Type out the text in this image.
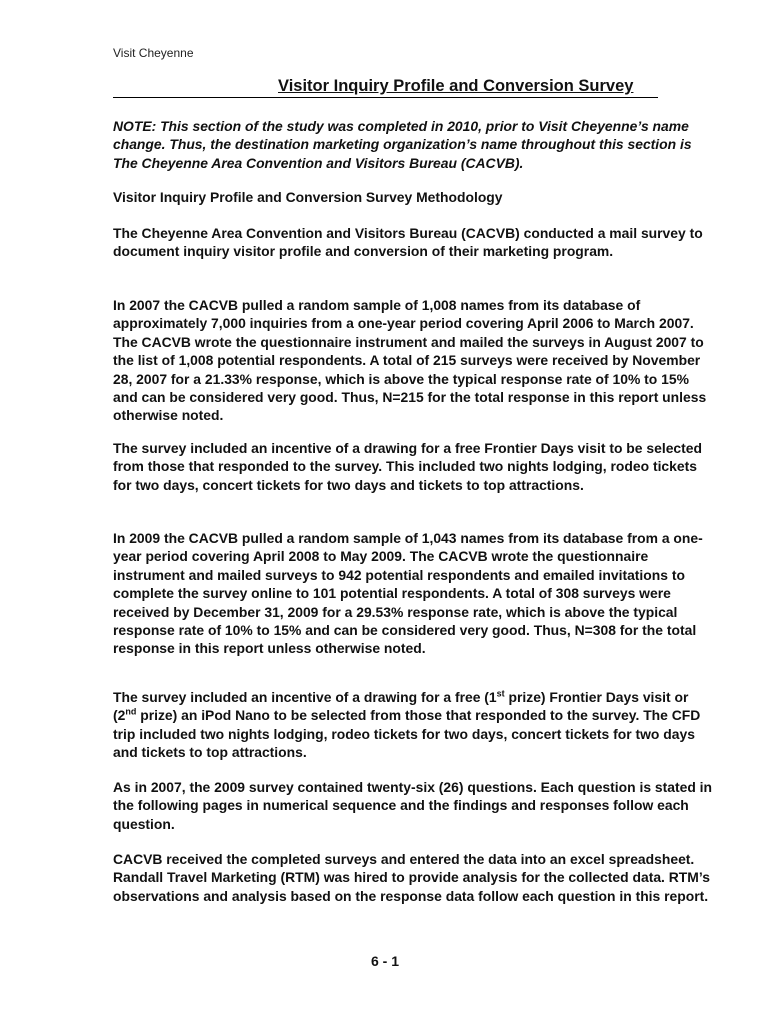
Visit Cheyenne
Visitor Inquiry Profile and Conversion Survey

NOTE: This section of the study was completed in 2010, prior to Visit Cheyenne’s name change. Thus, the destination marketing organization’s name throughout this section is The Cheyenne Area Convention and Visitors Bureau (CACVB).

Visitor Inquiry Profile and Conversion Survey Methodology

The Cheyenne Area Convention and Visitors Bureau (CACVB) conducted a mail survey to document inquiry visitor profile and conversion of their marketing program.

In 2007 the CACVB pulled a random sample of 1,008 names from its database of approximately 7,000 inquiries from a one-year period covering April 2006 to March 2007. The CACVB wrote the questionnaire instrument and mailed the surveys in August 2007 to the list of 1,008 potential respondents. A total of 215 surveys were received by November 28, 2007 for a 21.33% response, which is above the typical response rate of 10% to 15% and can be considered very good. Thus, N=215 for the total response in this report unless otherwise noted.

The survey included an incentive of a drawing for a free Frontier Days visit to be selected from those that responded to the survey. This included two nights lodging, rodeo tickets for two days, concert tickets for two days and tickets to top attractions.

In 2009 the CACVB pulled a random sample of 1,043 names from its database from a one-year period covering April 2008 to May 2009. The CACVB wrote the questionnaire instrument and mailed surveys to 942 potential respondents and emailed invitations to complete the survey online to 101 potential respondents. A total of 308 surveys were received by December 31, 2009 for a 29.53% response rate, which is above the typical response rate of 10% to 15% and can be considered very good. Thus, N=308 for the total response in this report unless otherwise noted.

The survey included an incentive of a drawing for a free (1st prize) Frontier Days visit or (2nd prize) an iPod Nano to be selected from those that responded to the survey. The CFD trip included two nights lodging, rodeo tickets for two days, concert tickets for two days and tickets to top attractions.

As in 2007, the 2009 survey contained twenty-six (26) questions. Each question is stated in the following pages in numerical sequence and the findings and responses follow each question.

CACVB received the completed surveys and entered the data into an excel spreadsheet. Randall Travel Marketing (RTM) was hired to provide analysis for the collected data. RTM’s observations and analysis based on the response data follow each question in this report.

6 - 1
